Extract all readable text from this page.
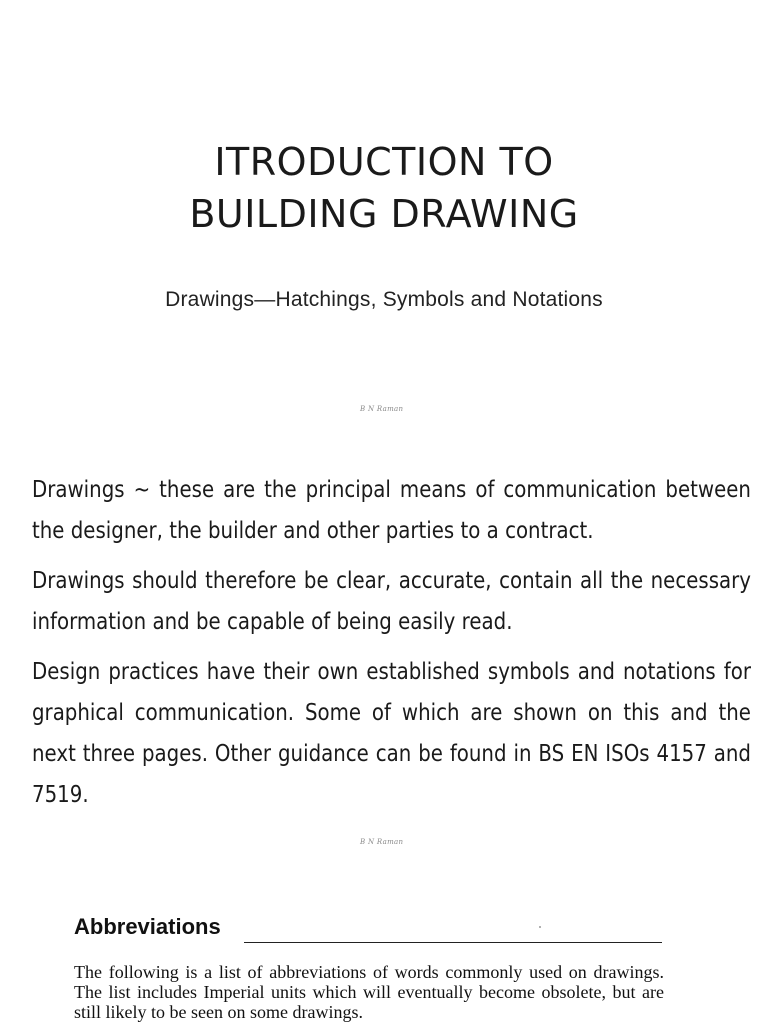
ITRODUCTION TO
BUILDING DRAWING
Drawings—Hatchings, Symbols and Notations
B N Raman

Drawings ~ these are the principal means of communication between the designer, the builder and other parties to a contract.

Drawings should therefore be clear, accurate, contain all the necessary information and be capable of being easily read.

Design practices have their own established symbols and notations for graphical communication. Some of which are shown on this and the next three pages. Other guidance can be found in BS EN ISOs 4157 and 7519.

B N Raman
Abbreviations
The following is a list of abbreviations of words commonly used on drawings. The list includes Imperial units which will eventually become obsolete, but are still likely to be seen on some drawings.
